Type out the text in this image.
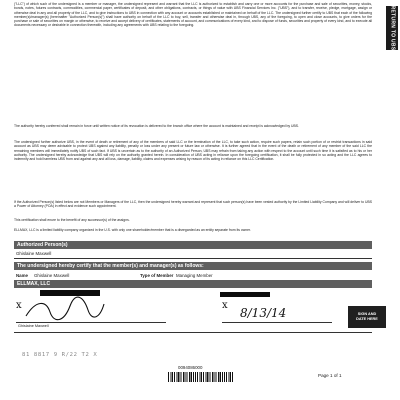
RETURN TO UBS
("LLC") of which such of the undersigned is a member or manager, the undersigned represent and warrant that the LLC is authorized to establish and carry one or more accounts for the purchase and sale of securities, money, stocks, bonds, notes, futures contracts, commodities, commercial paper, certificates of deposit, and other obligations, contracts, or things of value with UBS Financial Services Inc. ("UBS"), and to transfer, receive, pledge, mortgage, assign or otherwise deal in any and all property of the LLC, and to give instructions to UBS in connection with any account or accounts established or maintained on behalf of the LLC. The undersigned further certify to UBS that each of the following member(s)/manager(s) (hereinafter "Authorized Person(s)") shall have authority on behalf of the LLC to buy, sell, transfer and otherwise deal in, through UBS, any of the foregoing, to open and close accounts, to give orders for the purchase or sale of securities on margin or otherwise, to receive and accept delivery of certificates, statements of account, and communications of every kind, and to dispose of funds, securities and property of every kind, and to execute all documents necessary or desirable in connection therewith, including any agreements with UBS relating to the foregoing.
The authority hereby conferred shall remain in force until written notice of its revocation is delivered to the branch office where the account is maintained and receipt is acknowledged by UBS.
The undersigned further authorize UBS, in the event of death or retirement of any of the members of said LLC or the termination of the LLC, to take such action, require such papers, retain such portion of or restrict transactions in said account as UBS may deem advisable to protect UBS against any liability, penalty or loss under any present or future law or otherwise. It is further agreed that in the event of the death or retirement of any member of the said LLC the remaining members will immediately notify UBS of such fact. If UBS is uncertain as to the authority of an Authorized Person, UBS may refrain from taking any action with respect to the account until such time it is satisfied as to his or her authority. The undersigned hereby acknowledge that UBS will rely on the authority granted herein. In consideration of UBS acting in reliance upon the foregoing certification, it shall be fully protected in so acting and the LLC agrees to indemnify and hold harmless UBS from and against any and all loss, damage, liability, claims and expenses arising by reason of its acting in reliance on this LLC Certification.
If the Authorized Person(s) listed below are not Members or Managers of the LLC, then the undersigned hereby warrant and represent that such person(s) have been vested authority by the Limited Liability Company and will deliver to UBS a Power of Attorney (POA) in effect and evidence such appointment.
This certification shall enure to the benefit of any successor(s) of the assigns.
ELLMAX, LLC is a limited liability company organized in the U.S. with only one shareholder/member that is a disregarded as an entity separate from its owner.
Authorized Person(s)
Ghislaine Maxwell
The undersigned hereby certify that the member(s) and manager(s) as follows:
Name Ghislaine Maxwell	Type of Member Managing Member
ELLMAX, LLC
x
Ghislaine Maxwell
x
8/13/14	SIGN AND
DATE HERE
81 8817 9 R/22 T2 X
0094086000
Page 1 of 1
